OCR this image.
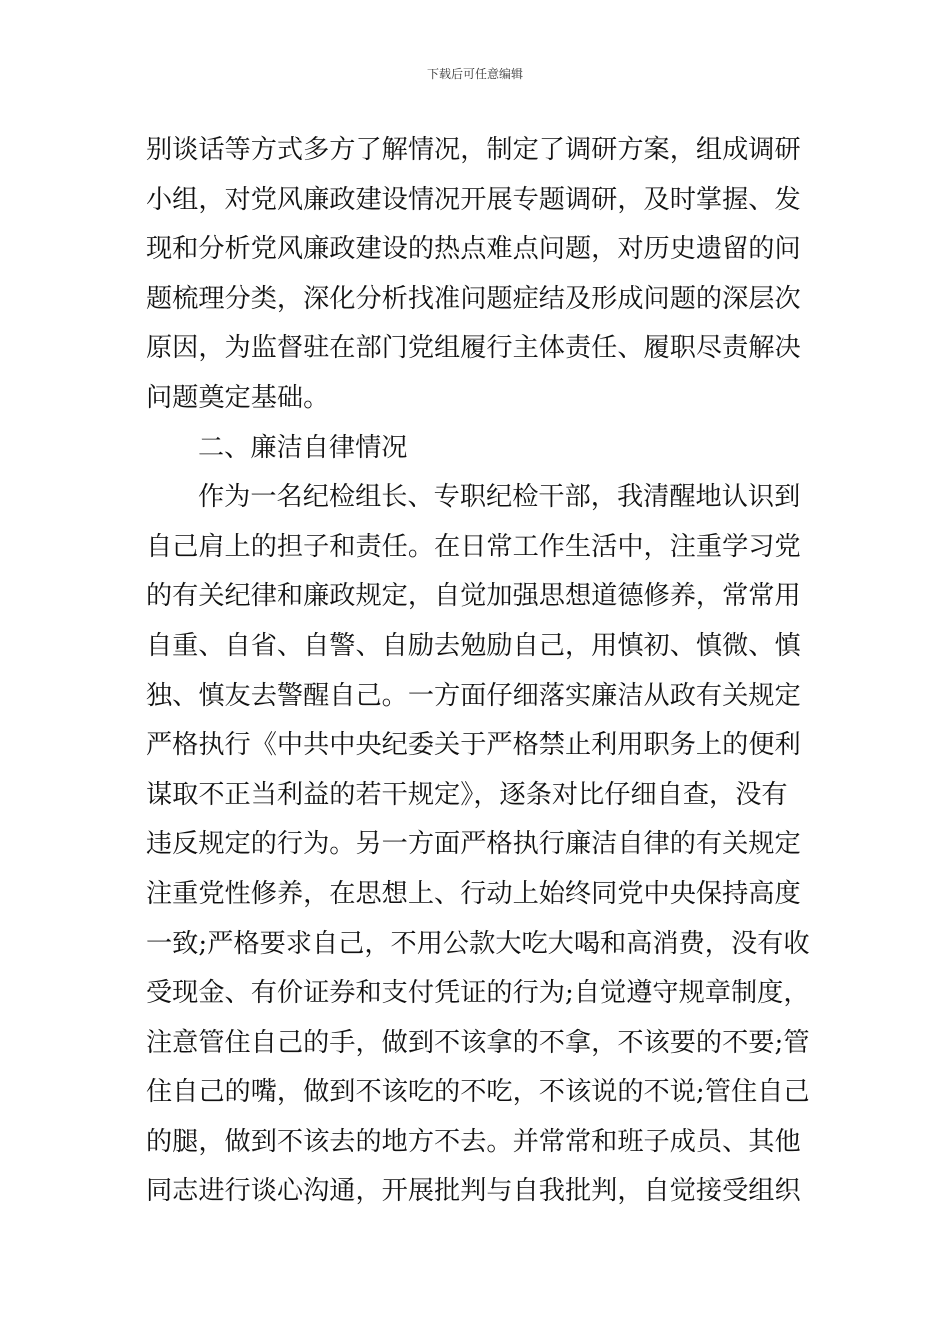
下载后可任意编辑
别谈话等方式多方了解情况，制定了调研方案，组成调研
小组，对党风廉政建设情况开展专题调研，及时掌握、发
现和分析党风廉政建设的热点难点问题，对历史遗留的问
题梳理分类，深化分析找准问题症结及形成问题的深层次
原因，为监督驻在部门党组履行主体责任、履职尽责解决
问题奠定基础。
二、廉洁自律情况
作为一名纪检组长、专职纪检干部，我清醒地认识到
自己肩上的担子和责任。在日常工作生活中，注重学习党
的有关纪律和廉政规定，自觉加强思想道德修养，常常用
自重、自省、自警、自励去勉励自己，用慎初、慎微、慎
独、慎友去警醒自己。一方面仔细落实廉洁从政有关规定
严格执行《中共中央纪委关于严格禁止利用职务上的便利
谋取不正当利益的若干规定》，逐条对比仔细自查，没有
违反规定的行为。另一方面严格执行廉洁自律的有关规定
注重党性修养，在思想上、行动上始终同党中央保持高度
一致;严格要求自己，不用公款大吃大喝和高消费，没有收
受现金、有价证券和支付凭证的行为;自觉遵守规章制度，
注意管住自己的手，做到不该拿的不拿，不该要的不要;管
住自己的嘴，做到不该吃的不吃，不该说的不说;管住自己
的腿，做到不该去的地方不去。并常常和班子成员、其他
同志进行谈心沟通，开展批判与自我批判，自觉接受组织
